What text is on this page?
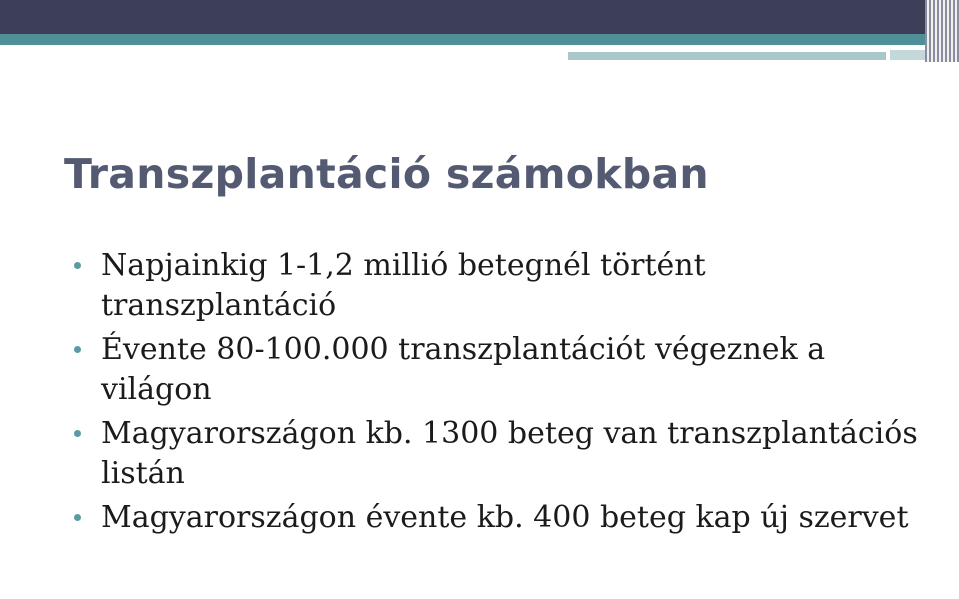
Transzplantáció számokban
Napjainkig 1-1,2 millió betegnél történt transzplantáció
Évente 80-100.000 transzplantációt végeznek a világon
Magyarországon kb. 1300 beteg van transzplantációs listán
Magyarországon évente kb. 400 beteg kap új szervet
